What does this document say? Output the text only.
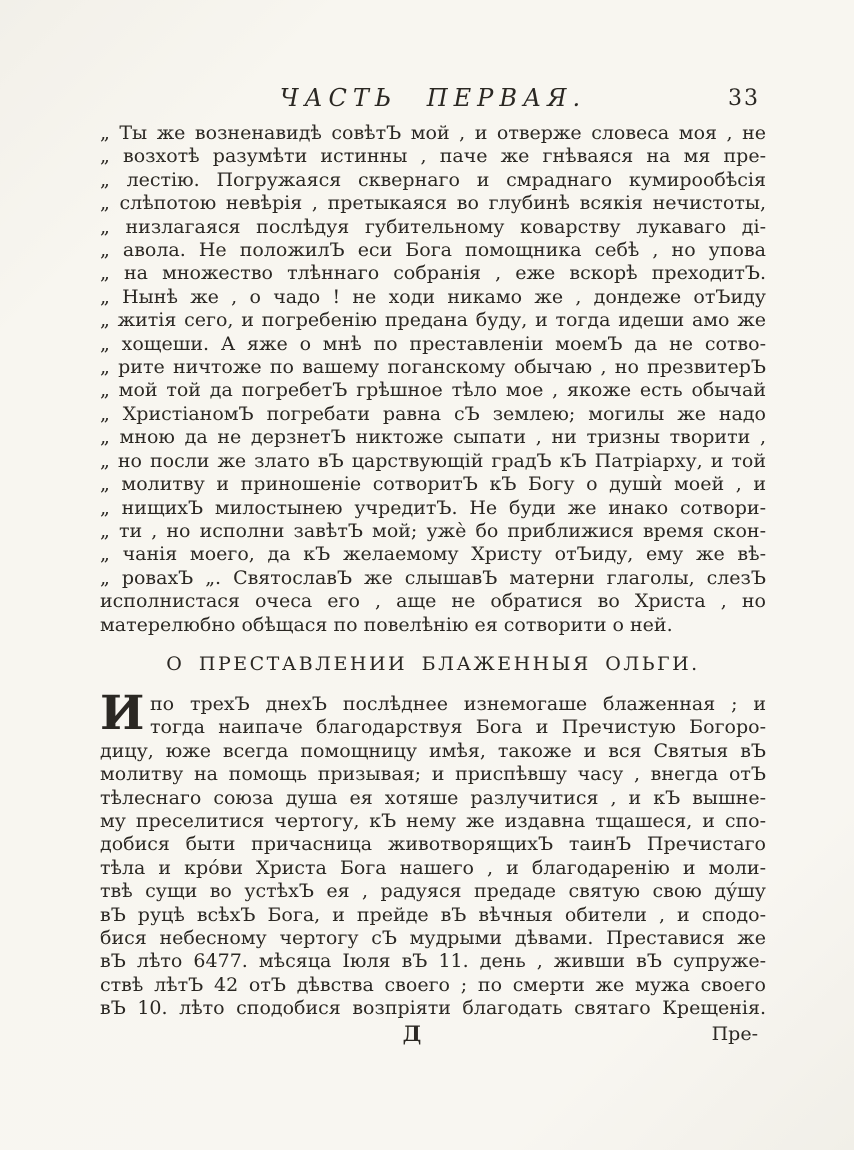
ЧАСТЬ ПЕРВАЯ.	33
„ Ты же возненавидѣ совѣтЪ мой , и отверже словеса моя , не
„ возхотѣ разумѣти истинны , паче же гнѣваяся на мя пре-
„ лестію. Погружаяся сквернаго и смраднаго кумирообѣсія
„ слѣпотою невѣрія , претыкаяся во глубинѣ всякія нечистоты,
„ низлагаяся послѣдуя губительному коварству лукаваго ді-
„ авола. Не положилЪ еси Бога помощника себѣ , но упова
„ на множество тлѣннаго собранія , еже вскорѣ преходитЪ.
„ Нынѣ же , о чадо ! не ходи никамо же , дондеже отЪиду
„ житія сего, и погребенію предана буду, и тогда идеши амо же
„ хощеши. А яже о мнѣ по преставленіи моемЪ да не сотво-
„ рите ничтоже по вашему поганскому обычаю , но презвитерЪ
„ мой той да погребетЪ грѣшное тѣло мое , якоже есть обычай
„ ХристіаномЪ погребати равна сЪ землею; могилы же надо
„ мною да не дерзнетЪ никтоже сыпати , ни тризны творити ,
„ но посли же злато вЪ царствующій градЪ кЪ Патріарху, и той
„ молитву и приношеніе сотворитЪ кЪ Богу о душѝ моей , и
„ нищихЪ милостынею учредитЪ. Не буди же инако сотвори-
„ ти , но исполни завѣтЪ мой; ужѐ бо приближися время скон-
„ чанія моего, да кЪ желаемому Христу отЪиду, ему же вѣ-
„ ровахЪ „. СвятославЪ же слышавЪ матерни глаголы, слезЪ
исполнистася очеса его , аще не обратися во Христа , но
матерелюбно обѣщася по повелѣнію ея сотворити о ней.
О ПРЕСТАВЛЕНИИ БЛАЖЕННЫЯ ОЛЬГИ.
И по трехЪ днехЪ послѣднее изнемогаше блаженная ; и
тогда наипаче благодарствуя Бога и Пречистую Богоро-
дицу, юже всегда помощницу имѣя, такоже и вся Святыя вЪ
молитву на помощь призывая; и приспѣвшу часу , внегда отЪ
тѣлеснаго союза душа ея хотяше разлучитися , и кЪ вышне-
му преселитися чертогу, кЪ нему же издавна тщашеся, и спо-
добися быти причасница животворящихЪ таинЪ Пречистаго
тѣла и кро́ви Христа Бога нашего , и благодаренію и моли-
твѣ сущи во устѣхЪ ея , радуяся предаде святую свою ду́шу
вЪ руцѣ всѣхЪ Бога, и прейде вЪ вѣчныя обители , и сподо-
бися небесному чертогу сЪ мудрыми дѣвами. Преставися же
вЪ лѣто 6477. мѣсяца Іюля вЪ 11. день , живши вЪ супруже-
ствѣ лѣтЪ 42 отЪ дѣвства своего ; по смерти же мужа своего
вЪ 10. лѣто сподобися возпріяти благодать святаго Крещенія.
Д	Пре-
